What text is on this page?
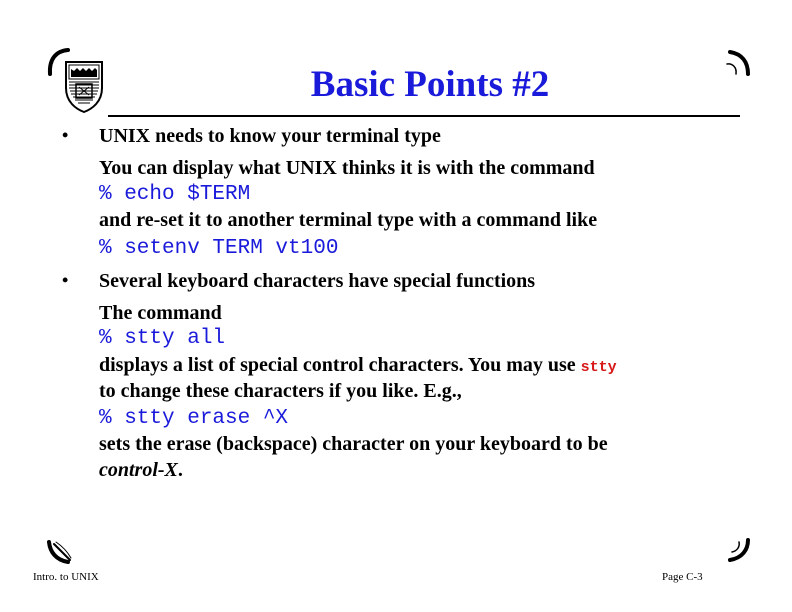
Basic Points #2
• UNIX needs to know your terminal type
You can display what UNIX thinks it is with the command
% echo $TERM
and re-set it to another terminal type with a command like
% setenv TERM vt100
• Several keyboard characters have special functions
The command
% stty all
displays a list of special control characters. You may use stty
to change these characters if you like. E.g.,
% stty erase ^X
sets the erase (backspace) character on your keyboard to be
control-X.
Intro. to UNIX	Page C-3
